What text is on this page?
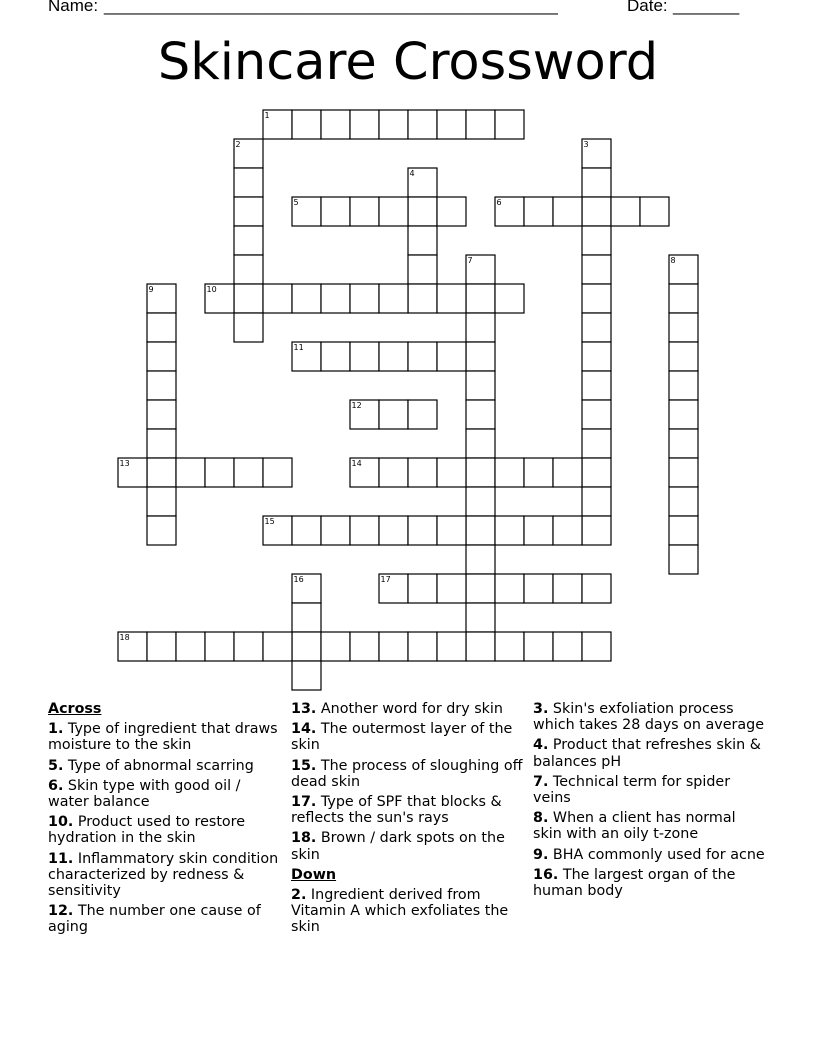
Name: ________________________________________________	Date: _______
Skincare Crossword
1
2	3
4
5	6
7	8
9	10
11
12
13	14
15
16	17
18
Across
1. Type of ingredient that draws moisture to the skin
5. Type of abnormal scarring
6. Skin type with good oil / water balance
10. Product used to restore hydration in the skin
11. Inflammatory skin condition characterized by redness & sensitivity
12. The number one cause of aging
13. Another word for dry skin
14. The outermost layer of the skin
15. The process of sloughing off dead skin
17. Type of SPF that blocks & reflects the sun's rays
18. Brown / dark spots on the skin
Down
2. Ingredient derived from Vitamin A which exfoliates the skin
3. Skin's exfoliation process which takes 28 days on average
4. Product that refreshes skin & balances pH
7. Technical term for spider veins
8. When a client has normal skin with an oily t-zone
9. BHA commonly used for acne
16. The largest organ of the human body
